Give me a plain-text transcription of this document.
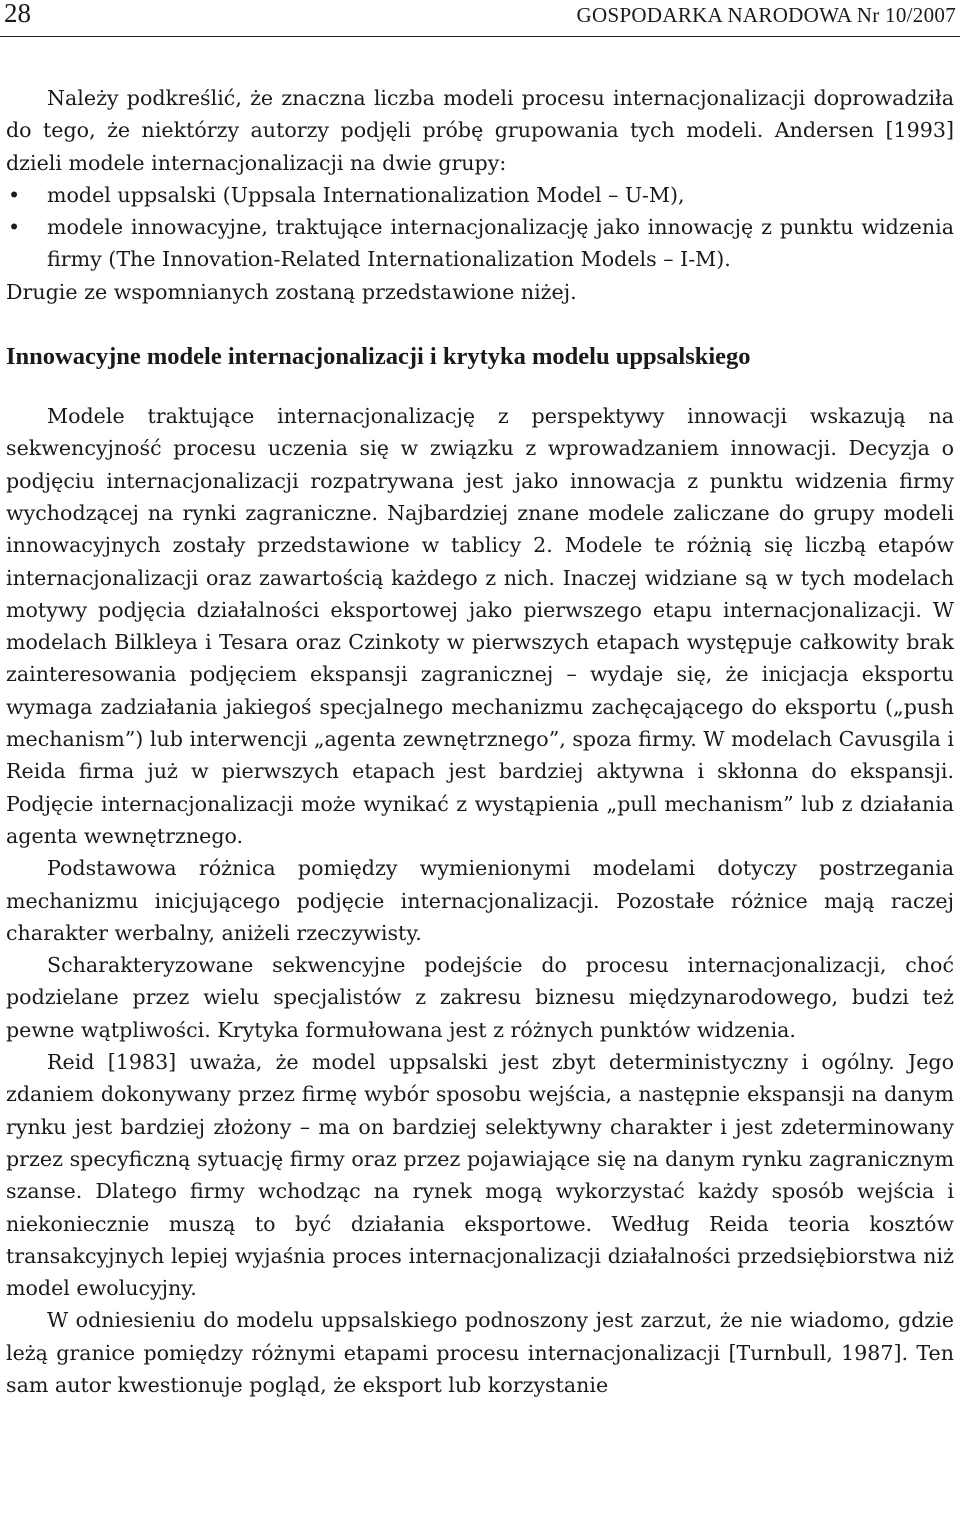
28	GOSPODARKA NARODOWA Nr 10/2007

Należy podkreślić, że znaczna liczba modeli procesu internacjonalizacji doprowadziła do tego, że niektórzy autorzy podjęli próbę grupowania tych modeli. Andersen [1993] dzieli modele internacjonalizacji na dwie grupy:

• model uppsalski (Uppsala Internationalization Model – U-M),
• modele innowacyjne, traktujące internacjonalizację jako innowację z punktu widzenia firmy (The Innovation-Related Internationalization Models – I-M).

Drugie ze wspomnianych zostaną przedstawione niżej.

Innowacyjne modele internacjonalizacji i krytyka modelu uppsalskiego

Modele traktujące internacjonalizację z perspektywy innowacji wskazują na sekwencyjność procesu uczenia się w związku z wprowadzaniem innowacji. Decyzja o podjęciu internacjonalizacji rozpatrywana jest jako innowacja z punktu widzenia firmy wychodzącej na rynki zagraniczne. Najbardziej znane modele zaliczane do grupy modeli innowacyjnych zostały przedstawione w tablicy 2. Modele te różnią się liczbą etapów internacjonalizacji oraz zawartością każdego z nich. Inaczej widziane są w tych modelach motywy podjęcia działalności eksportowej jako pierwszego etapu internacjonalizacji. W modelach Bilkleya i Tesara oraz Czinkoty w pierwszych etapach występuje całkowity brak zainteresowania podjęciem ekspansji zagranicznej – wydaje się, że inicjacja eksportu wymaga zadziałania jakiegoś specjalnego mechanizmu zachęcającego do eksportu („push mechanism”) lub interwencji „agenta zewnętrznego”, spoza firmy. W modelach Cavusgila i Reida firma już w pierwszych etapach jest bardziej aktywna i skłonna do ekspansji. Podjęcie internacjonalizacji może wynikać z wystąpienia „pull mechanism” lub z działania agenta wewnętrznego.

Podstawowa różnica pomiędzy wymienionymi modelami dotyczy postrzegania mechanizmu inicjującego podjęcie internacjonalizacji. Pozostałe różnice mają raczej charakter werbalny, aniżeli rzeczywisty.

Scharakteryzowane sekwencyjne podejście do procesu internacjonalizacji, choć podzielane przez wielu specjalistów z zakresu biznesu międzynarodowego, budzi też pewne wątpliwości. Krytyka formułowana jest z różnych punktów widzenia.

Reid [1983] uważa, że model uppsalski jest zbyt deterministyczny i ogólny. Jego zdaniem dokonywany przez firmę wybór sposobu wejścia, a następnie ekspansji na danym rynku jest bardziej złożony – ma on bardziej selektywny charakter i jest zdeterminowany przez specyficzną sytuację firmy oraz przez pojawiające się na danym rynku zagranicznym szanse. Dlatego firmy wchodząc na rynek mogą wykorzystać każdy sposób wejścia i niekoniecznie muszą to być działania eksportowe. Według Reida teoria kosztów transakcyjnych lepiej wyjaśnia proces internacjonalizacji działalności przedsiębiorstwa niż model ewolucyjny.

W odniesieniu do modelu uppsalskiego podnoszony jest zarzut, że nie wiadomo, gdzie leżą granice pomiędzy różnymi etapami procesu internacjonalizacji [Turnbull, 1987]. Ten sam autor kwestionuje pogląd, że eksport lub korzystanie
